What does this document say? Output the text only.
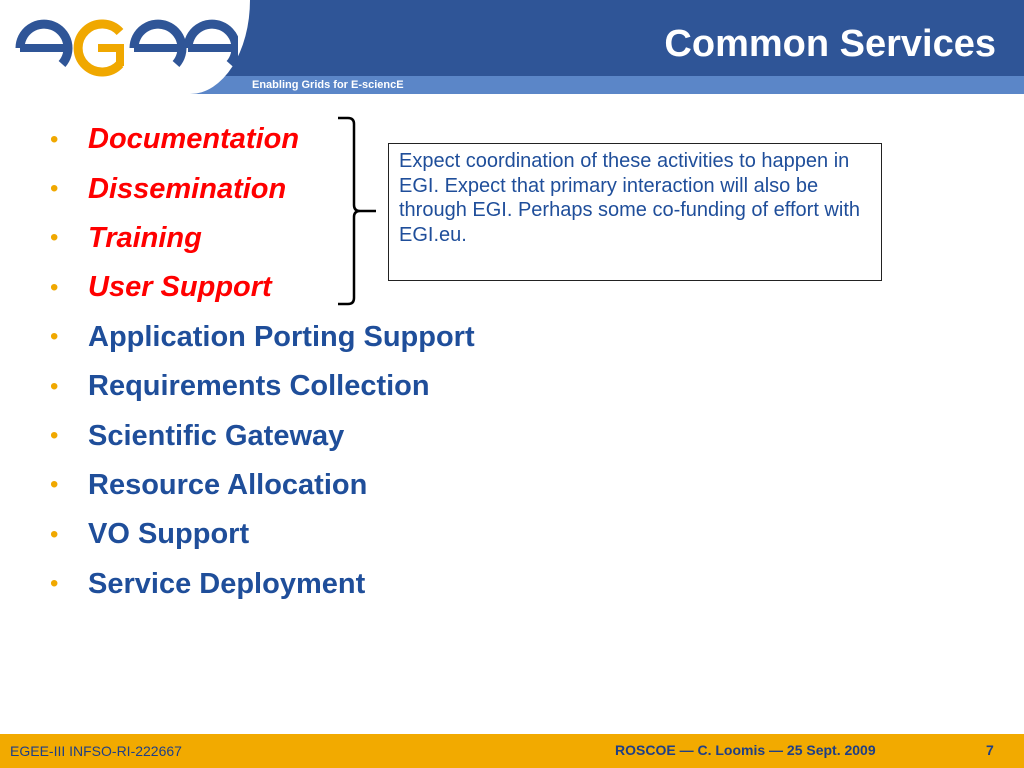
Enabling Grids for E-sciencE
Common Services
•	Documentation
•	Dissemination
•	Training
•	User Support
•	Application Porting Support
•	Requirements Collection
•	Scientific Gateway
•	Resource Allocation
•	VO Support
•	Service Deployment
Expect coordination of these activities to happen in EGI. Expect that primary interaction will also be through EGI. Perhaps some co-funding of effort with EGI.eu.
EGEE-III INFSO-RI-222667	ROSCOE — C. Loomis — 25 Sept. 2009	7
